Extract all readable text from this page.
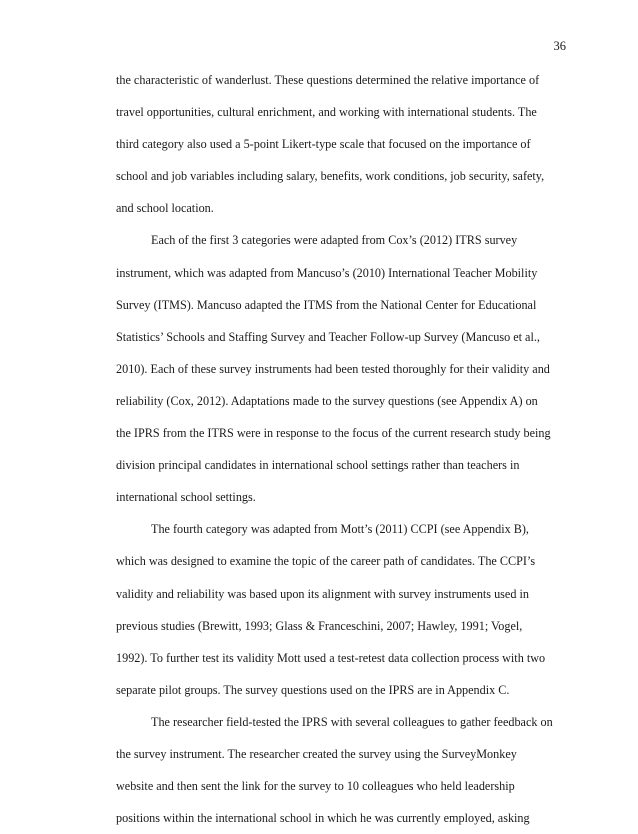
36

the characteristic of wanderlust. These questions determined the relative importance of
travel opportunities, cultural enrichment, and working with international students. The
third category also used a 5-point Likert-type scale that focused on the importance of
school and job variables including salary, benefits, work conditions, job security, safety,
and school location.

Each of the first 3 categories were adapted from Cox’s (2012) ITRS survey
instrument, which was adapted from Mancuso’s (2010) International Teacher Mobility
Survey (ITMS). Mancuso adapted the ITMS from the National Center for Educational
Statistics’ Schools and Staffing Survey and Teacher Follow-up Survey (Mancuso et al.,
2010). Each of these survey instruments had been tested thoroughly for their validity and
reliability (Cox, 2012). Adaptations made to the survey questions (see Appendix A) on
the IPRS from the ITRS were in response to the focus of the current research study being
division principal candidates in international school settings rather than teachers in
international school settings.

The fourth category was adapted from Mott’s (2011) CCPI (see Appendix B),
which was designed to examine the topic of the career path of candidates. The CCPI’s
validity and reliability was based upon its alignment with survey instruments used in
previous studies (Brewitt, 1993; Glass & Franceschini, 2007; Hawley, 1991; Vogel,
1992). To further test its validity Mott used a test-retest data collection process with two
separate pilot groups. The survey questions used on the IPRS are in Appendix C.

The researcher field-tested the IPRS with several colleagues to gather feedback on
the survey instrument. The researcher created the survey using the SurveyMonkey
website and then sent the link for the survey to 10 colleagues who held leadership
positions within the international school in which he was currently employed, asking
